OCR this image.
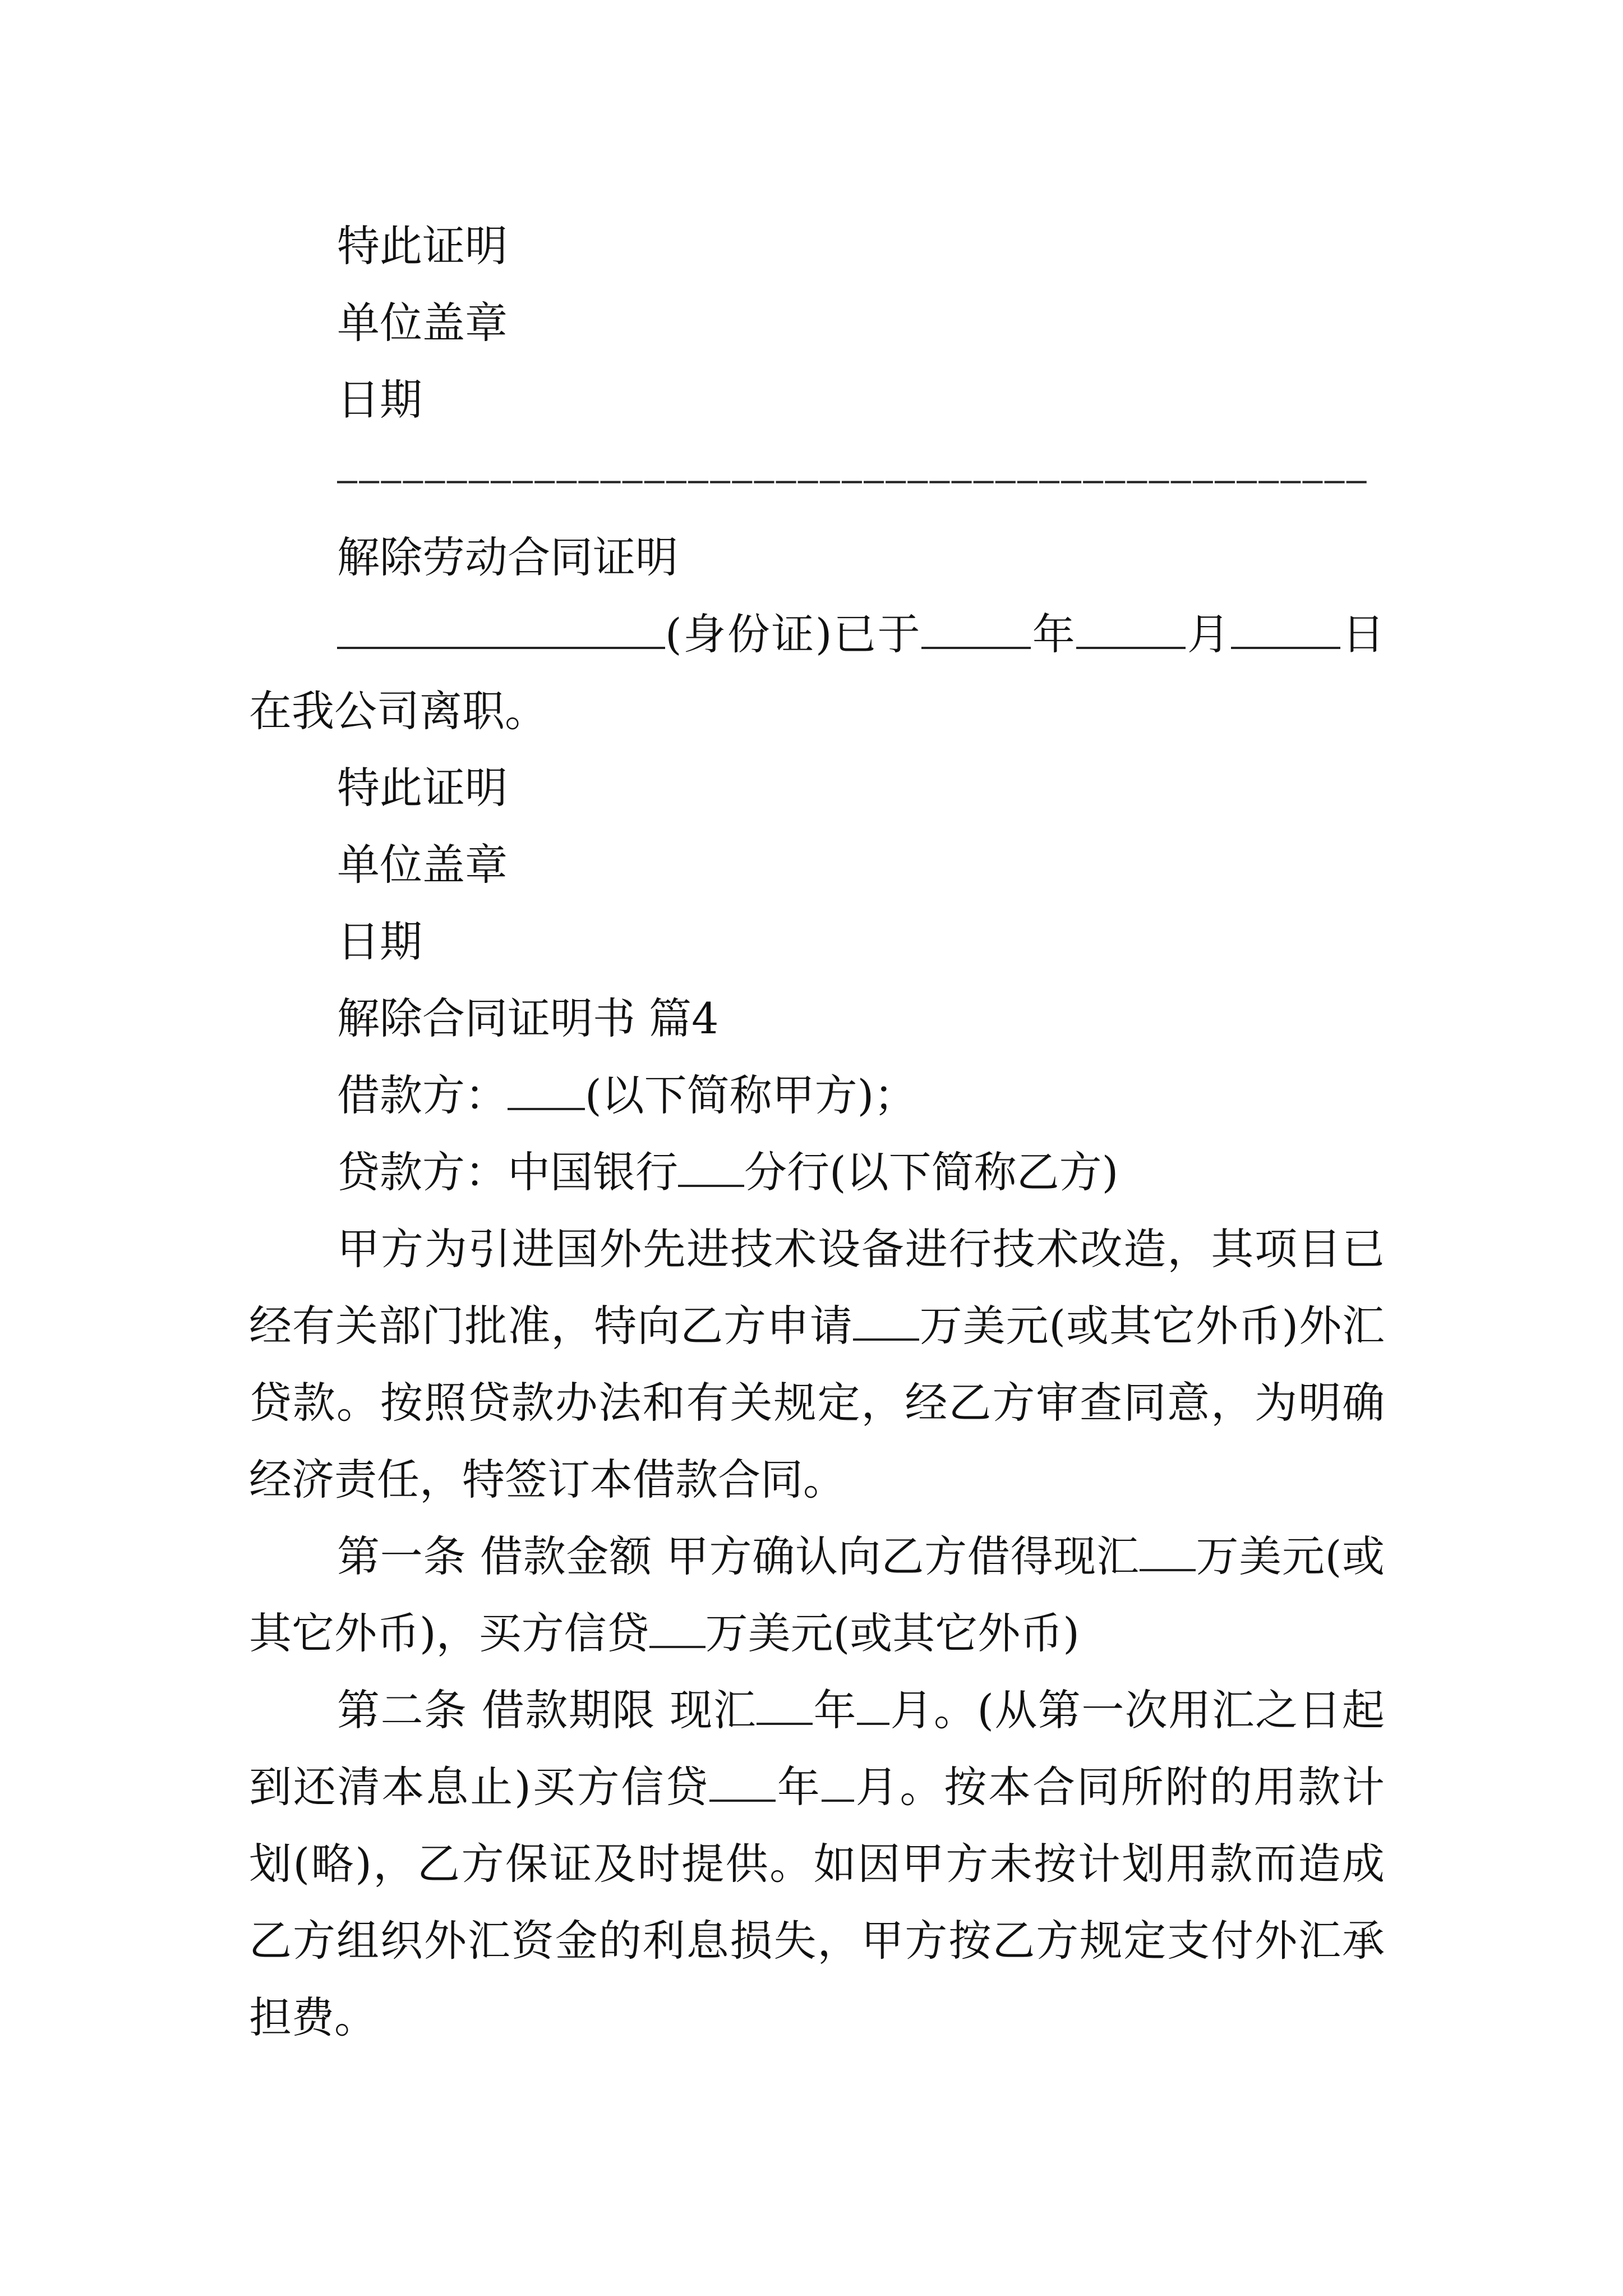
特此证明

单位盖章

日期

———————————————————————————————————————————————

解除劳动合同证明

(身份证)已于	年	月	日在我公司离职。

特此证明

单位盖章

日期

解除合同证明书 篇4

借款方： (以下简称甲方)；

贷款方：中国银行 分行(以下简称乙方)

甲方为引进国外先进技术设备进行技术改造，其项目已经有关部门批准，特向乙方申请 万美元(或其它外币)外汇贷款。按照贷款办法和有关规定，经乙方审查同意，为明确经济责任，特签订本借款合同。

第一条 借款金额 甲方确认向乙方借得现汇 万美元(或其它外币)，买方信贷 万美元(或其它外币)

第二条 借款期限 现汇 年 月。(从第一次用汇之日起到还清本息止)买方信贷 年 月。按本合同所附的用款计划(略)，乙方保证及时提供。如因甲方未按计划用款而造成乙方组织外汇资金的利息损失，甲方按乙方规定支付外汇承担费。
